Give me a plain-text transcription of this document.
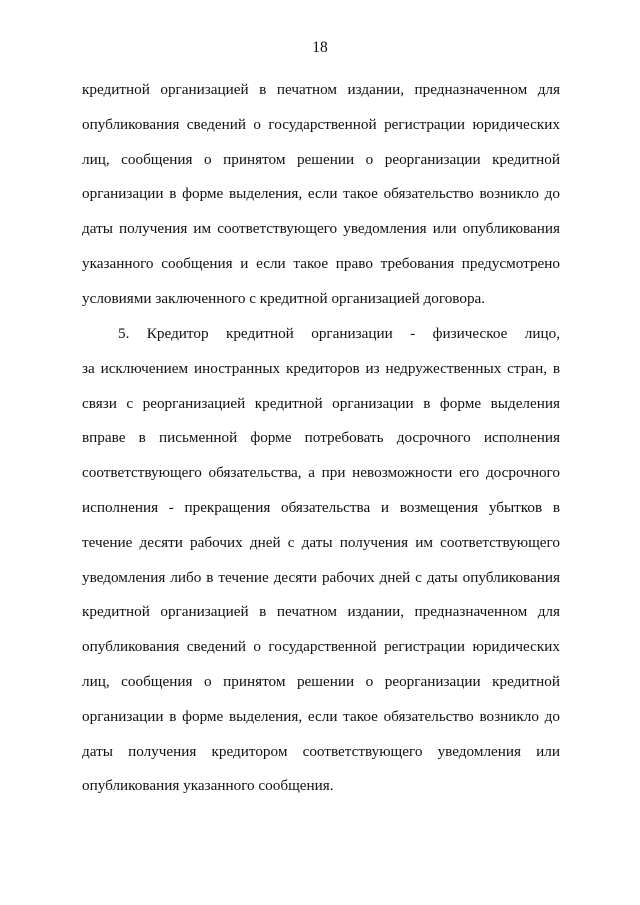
18
кредитной организацией в печатном издании, предназначенном для
опубликования сведений о государственной регистрации юридических
лиц, сообщения о принятом решении о реорганизации кредитной
организации в форме выделения, если такое обязательство возникло до
даты получения им соответствующего уведомления или опубликования
указанного сообщения и если такое право требования предусмотрено
условиями заключенного с кредитной организацией договора.
5. Кредитор кредитной организации - физическое лицо,
за исключением иностранных кредиторов из недружественных стран, в
связи с реорганизацией кредитной организации в форме выделения
вправе в письменной форме потребовать досрочного исполнения
соответствующего обязательства, а при невозможности его досрочного
исполнения - прекращения обязательства и возмещения убытков в
течение десяти рабочих дней с даты получения им соответствующего
уведомления либо в течение десяти рабочих дней с даты опубликования
кредитной организацией в печатном издании, предназначенном для
опубликования сведений о государственной регистрации юридических
лиц, сообщения о принятом решении о реорганизации кредитной
организации в форме выделения, если такое обязательство возникло до
даты получения кредитором соответствующего уведомления или
опубликования указанного сообщения.
